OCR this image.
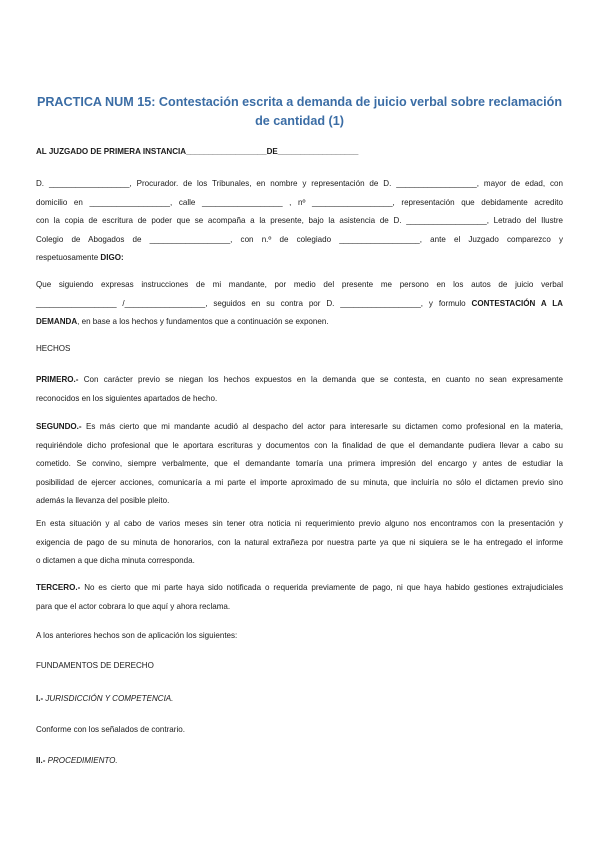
PRACTICA NUM 15: Contestación escrita a demanda de juicio verbal sobre reclamación de cantidad (1)
AL JUZGADO DE PRIMERA INSTANCIA__________________DE__________________
D. __________________, Procurador. de los Tribunales, en nombre y representación de D. __________________, mayor de edad, con
domicilio en __________________, calle __________________ , nº __________________, representación que debidamente acredito
con la copia de escritura de poder que se acompaña a la presente, bajo la asistencia de D. __________________, Letrado del Ilustre
Colegio de Abogados de __________________, con n.º de colegiado __________________, ante el Juzgado comparezco y
respetuosamente DIGO:
Que siguiendo expresas instrucciones de mi mandante, por medio del presente me persono en los autos de juicio verbal
__________________ /__________________, seguidos en su contra por D. __________________, y formulo CONTESTACIÓN A LA
DEMANDA, en base a los hechos y fundamentos que a continuación se exponen.
HECHOS
PRIMERO.- Con carácter previo se niegan los hechos expuestos en la demanda que se contesta, en cuanto no sean expresamente
reconocidos en los siguientes apartados de hecho.
SEGUNDO.- Es más cierto que mi mandante acudió al despacho del actor para interesarle su dictamen como profesional en la materia,
requiriéndole dicho profesional que le aportara escrituras y documentos con la finalidad de que el demandante pudiera llevar a cabo su
cometido. Se convino, siempre verbalmente, que el demandante tomaría una primera impresión del encargo y antes de estudiar la
posibilidad de ejercer acciones, comunicaría a mi parte el importe aproximado de su minuta, que incluiría no sólo el dictamen previo sino
además la llevanza del posible pleito.
En esta situación y al cabo de varios meses sin tener otra noticia ni requerimiento previo alguno nos encontramos con la presentación y
exigencia de pago de su minuta de honorarios, con la natural extrañeza por nuestra parte ya que ni siquiera se le ha entregado el informe
o dictamen a que dicha minuta corresponda.
TERCERO.- No es cierto que mi parte haya sido notificada o requerida previamente de pago, ni que haya habido gestiones extrajudiciales
para que el actor cobrara lo que aquí y ahora reclama.
A los anteriores hechos son de aplicación los siguientes:
FUNDAMENTOS DE DERECHO
I.- JURISDICCIÓN Y COMPETENCIA.
Conforme con los señalados de contrario.
II.- PROCEDIMIENTO.
